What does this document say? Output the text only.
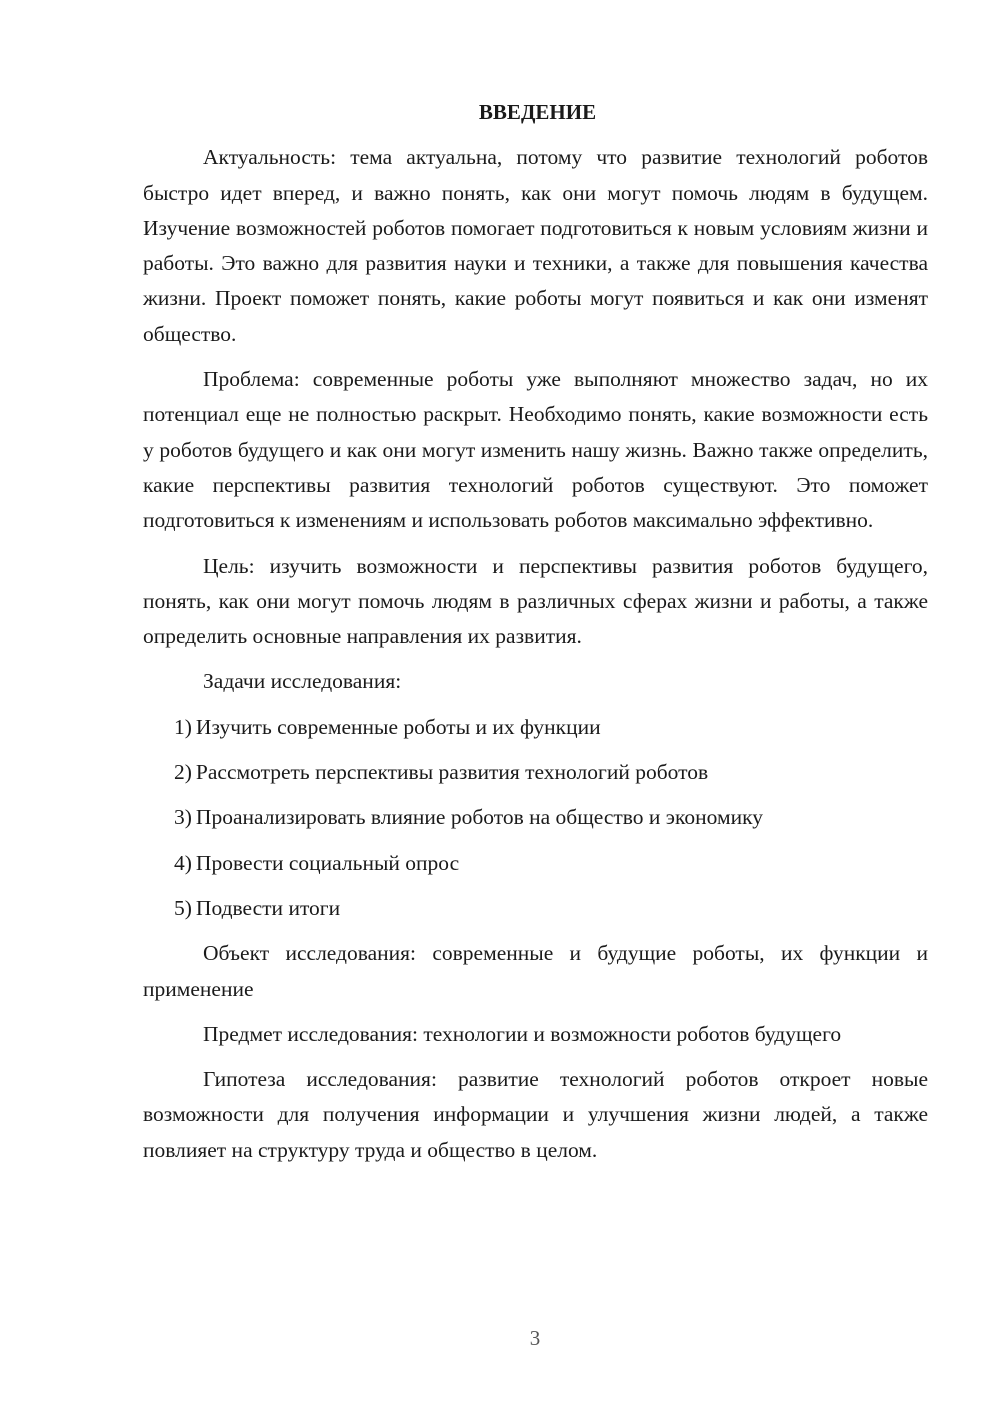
ВВЕДЕНИЕ

Актуальность: тема актуальна, потому что развитие технологий роботов быстро идет вперед, и важно понять, как они могут помочь людям в будущем. Изучение возможностей роботов помогает подготовиться к новым условиям жизни и работы. Это важно для развития науки и техники, а также для повышения качества жизни. Проект поможет понять, какие роботы могут появиться и как они изменят общество.

Проблема: современные роботы уже выполняют множество задач, но их потенциал еще не полностью раскрыт. Необходимо понять, какие возможности есть у роботов будущего и как они могут изменить нашу жизнь. Важно также определить, какие перспективы развития технологий роботов существуют. Это поможет подготовиться к изменениям и использовать роботов максимально эффективно.

Цель: изучить возможности и перспективы развития роботов будущего, понять, как они могут помочь людям в различных сферах жизни и работы, а также определить основные направления их развития.

Задачи исследования:

1) Изучить современные роботы и их функции
2) Рассмотреть перспективы развития технологий роботов
3) Проанализировать влияние роботов на общество и экономику
4) Провести социальный опрос
5) Подвести итоги

Объект исследования: современные и будущие роботы, их функции и применение

Предмет исследования: технологии и возможности роботов будущего

Гипотеза исследования: развитие технологий роботов откроет новые возможности для получения информации и улучшения жизни людей, а также повлияет на структуру труда и общество в целом.

3
